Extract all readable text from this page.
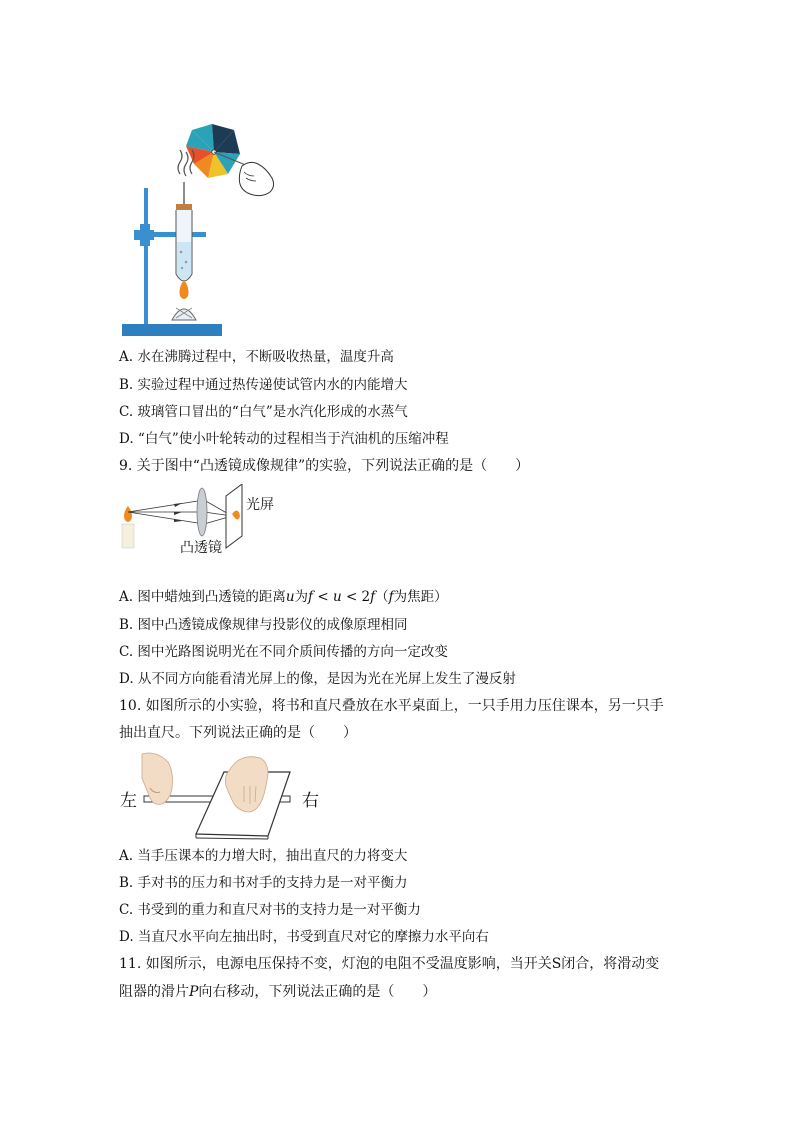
A. 水在沸腾过程中，不断吸收热量，温度升高
B. 实验过程中通过热传递使试管内水的内能增大
C. 玻璃管口冒出的“白气”是水汽化形成的水蒸气
D. “白气”使小叶轮转动的过程相当于汽油机的压缩冲程
9. 关于图中“凸透镜成像规律”的实验，下列说法正确的是（　　）
光屏
凸透镜
A. 图中蜡烛到凸透镜的距离u为f < u < 2f（f为焦距）
B. 图中凸透镜成像规律与投影仪的成像原理相同
C. 图中光路图说明光在不同介质间传播的方向一定改变
D. 从不同方向能看清光屏上的像，是因为光在光屏上发生了漫反射
10. 如图所示的小实验，将书和直尺叠放在水平桌面上，一只手用力压住课本，另一只手
抽出直尺。下列说法正确的是（　　）
左	右
A. 当手压课本的力增大时，抽出直尺的力将变大
B. 手对书的压力和书对手的支持力是一对平衡力
C. 书受到的重力和直尺对书的支持力是一对平衡力
D. 当直尺水平向左抽出时，书受到直尺对它的摩擦力水平向右
11. 如图所示，电源电压保持不变，灯泡的电阻不受温度影响，当开关S闭合，将滑动变
阻器的滑片P向右移动，下列说法正确的是（　　）
